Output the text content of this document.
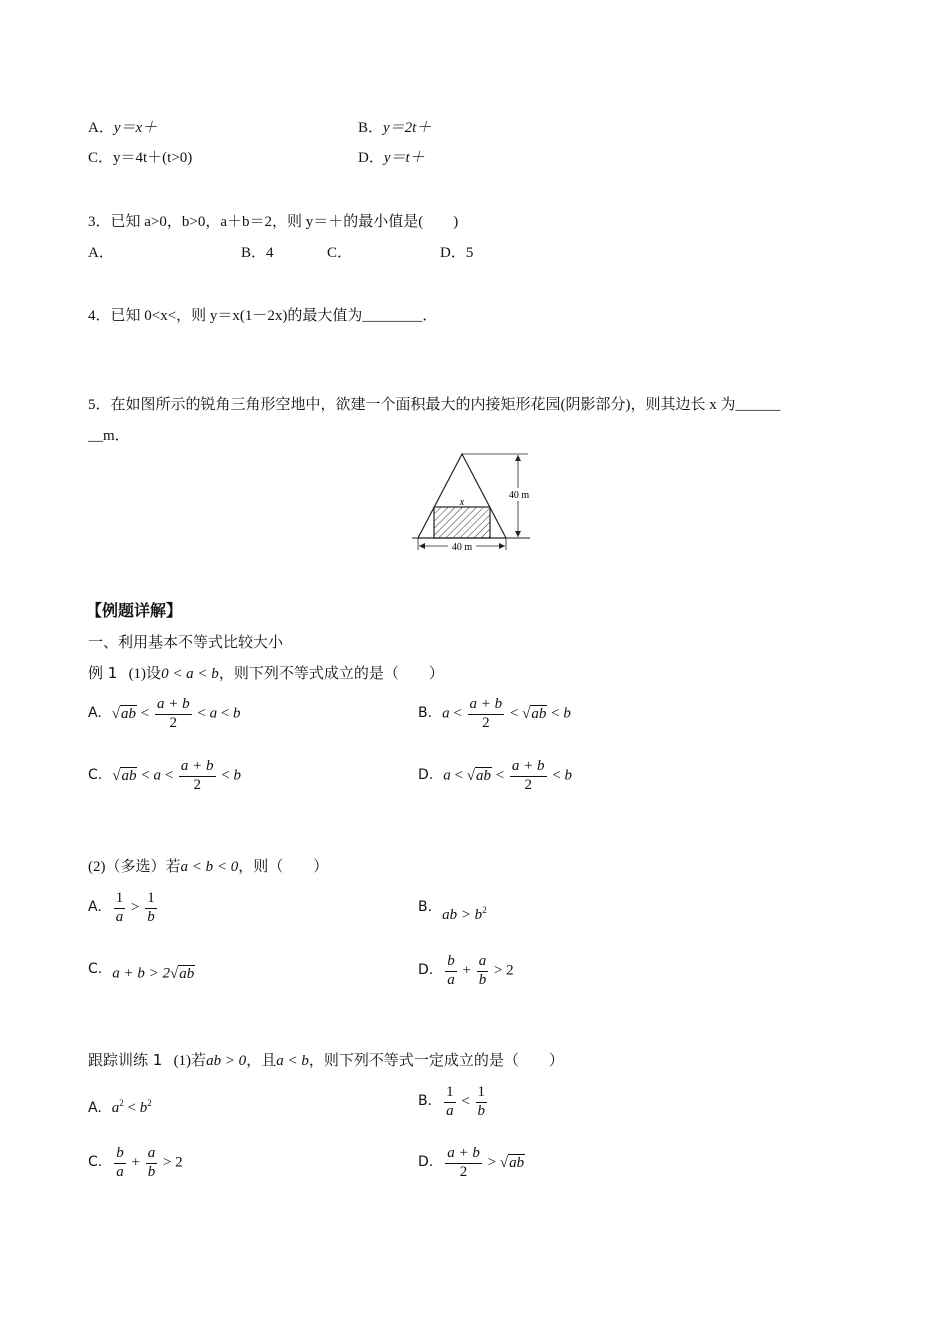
A．y＝x＋	B．y＝2t＋
C．y＝4t＋(t>0)	D．y＝t＋
3．已知 a>0，b>0，a＋b＝2，则 y＝＋的最小值是(　　)
A．	B．4	C．	D．5
4．已知 0<x<，则 y＝x(1－2x)的最大值为________．
5．在如图所示的锐角三角形空地中，欲建一个面积最大的内接矩形花园(阴影部分)，则其边长 x 为______
__m．
40 m
40 m
x
【例题详解】
一、利用基本不等式比较大小
例 1 (1)设0 < a < b，则下列不等式成立的是（　　）
A. $√ab < \frac{a + b}{2} < a < b$	B. $a < \frac{a + b}{2} < √ab < b$
C. $√ab < a < \frac{a + b}{2} < b$	D. $a < √ab < \frac{a + b}{2} < b$
(2)（多选）若a < b < 0，则（　　）
A. $\frac{1}{a} > \frac{1}{b}$	B. ab > $b^2$
C. a + b > 2√ab	D. $\frac{b}{a} + \frac{a}{b} > 2$
跟踪训练 1 (1)若ab > 0，且a < b，则下列不等式一定成立的是（　　）
A. $a^2 < b^2$	B. $\frac{1}{a} < \frac{1}{b}$
C. $\frac{b}{a} + \frac{a}{b} > 2$	D. $\frac{a + b}{2} > √ab$
